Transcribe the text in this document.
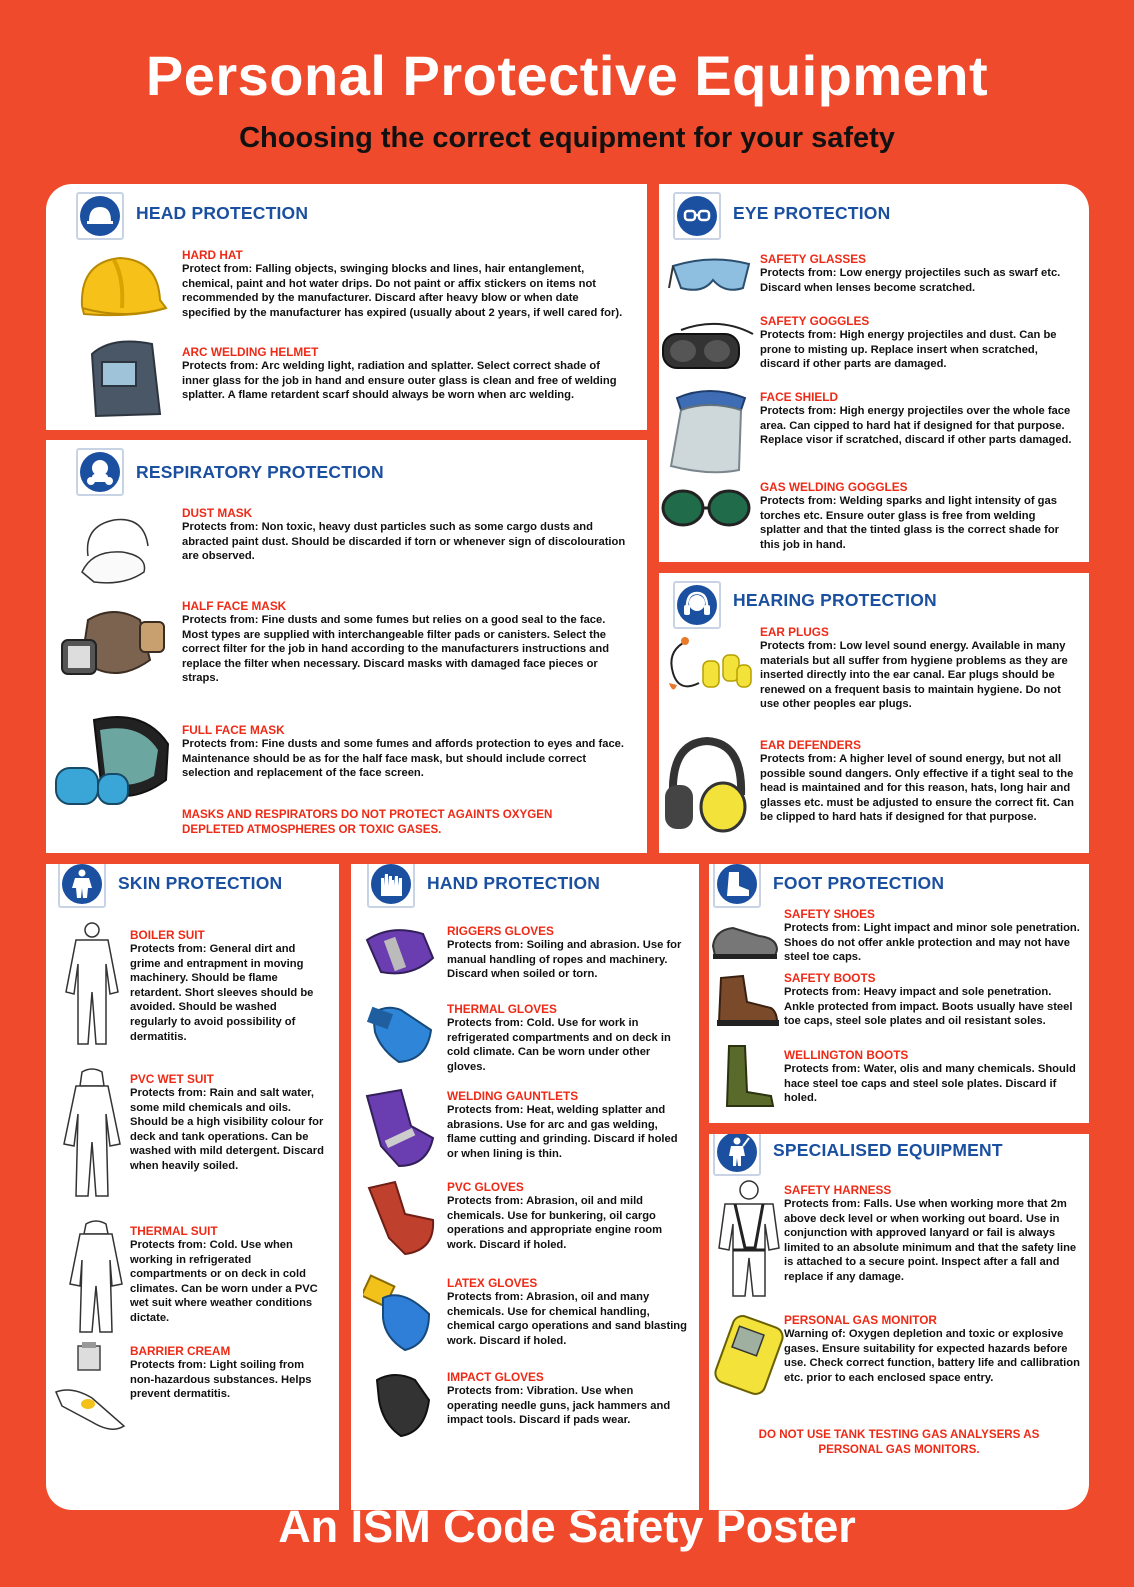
Personal Protective Equipment
Choosing the correct equipment for your safety
HEAD PROTECTION
HARD HAT
Protect from: Falling objects, swinging blocks and lines, hair entanglement, chemical, paint and hot water drips. Do not paint or affix stickers on items not recommended by the manufacturer. Discard after heavy blow or when date specified by the manufacturer has expired (usually about 2 years, if well cared for).
ARC WELDING HELMET
Protects from: Arc welding light, radiation and splatter. Select correct shade of inner glass for the job in hand and ensure outer glass is clean and free of welding splatter. A flame retardent scarf should always be worn when arc welding.
RESPIRATORY PROTECTION
DUST MASK
Protects from: Non toxic, heavy dust particles such as some cargo dusts and abracted paint dust. Should be discarded if torn or whenever sign of discolouration are observed.
HALF FACE MASK
Protects from: Fine dusts and some fumes but relies on a good seal to the face. Most types are supplied with interchangeable filter pads or canisters. Select the correct filter for the job in hand according to the manufacturers instructions and replace the filter when necessary. Discard masks with damaged face pieces or straps.
FULL FACE MASK
Protects from: Fine dusts and some fumes and affords protection to eyes and face. Maintenance should be as for the half face mask, but should include correct selection and replacement of the face screen.
MASKS AND RESPIRATORS DO NOT PROTECT AGAINTS OXYGEN DEPLETED ATMOSPHERES OR TOXIC GASES.
EYE PROTECTION
SAFETY GLASSES
Protects from: Low energy projectiles such as swarf etc. Discard when lenses become scratched.
SAFETY GOGGLES
Protects from: High energy projectiles and dust. Can be prone to misting up. Replace insert when scratched, discard if other parts are damaged.
FACE SHIELD
Protects from: High energy projectiles over the whole face area. Can cipped to hard hat if designed for that purpose. Replace visor if scratched, discard if other parts damaged.
GAS WELDING GOGGLES
Protects from: Welding sparks and light intensity of gas torches etc. Ensure outer glass is free from welding splatter and that the tinted glass is the correct shade for this job in hand.
HEARING PROTECTION
EAR PLUGS
Protects from: Low level sound energy. Available in many materials but all suffer from hygiene problems as they are inserted directly into the ear canal. Ear plugs should be renewed on a frequent basis to maintain hygiene. Do not use other peoples ear plugs.
EAR DEFENDERS
Protects from: A higher level of sound energy, but not all possible sound dangers. Only effective if a tight seal to the head is maintained and for this reason, hats, long hair and glasses etc. must be adjusted to ensure the correct fit. Can be clipped to hard hats if designed for that purpose.
SKIN PROTECTION
BOILER SUIT
Protects from: General dirt and grime and entrapment in moving machinery. Should be flame retardent. Short sleeves should be avoided. Should be washed regularly to avoid possibility of dermatitis.
PVC WET SUIT
Protects from: Rain and salt water, some mild chemicals and oils. Should be a high visibility colour for deck and tank operations. Can be washed with mild detergent. Discard when heavily soiled.
THERMAL SUIT
Protects from: Cold. Use when working in refrigerated compartments or on deck in cold climates. Can be worn under a PVC wet suit where weather conditions dictate.
BARRIER CREAM
Protects from: Light soiling from non-hazardous substances. Helps prevent dermatitis.
HAND PROTECTION
RIGGERS GLOVES
Protects from: Soiling and abrasion. Use for manual handling of ropes and machinery. Discard when soiled or torn.
THERMAL GLOVES
Protects from: Cold. Use for work in refrigerated compartments and on deck in cold climate. Can be worn under other gloves.
WELDING GAUNTLETS
Protects from: Heat, welding splatter and abrasions. Use for arc and gas welding, flame cutting and grinding. Discard if holed or when lining is thin.
PVC GLOVES
Protects from: Abrasion, oil and mild chemicals. Use for bunkering, oil cargo operations and appropriate engine room work. Discard if holed.
LATEX GLOVES
Protects from: Abrasion, oil and many chemicals. Use for chemical handling, chemical cargo operations and sand blasting work. Discard if holed.
IMPACT GLOVES
Protects from: Vibration. Use when operating needle guns, jack hammers and impact tools. Discard if pads wear.
FOOT PROTECTION
SAFETY SHOES
Protects from: Light impact and minor sole penetration. Shoes do not offer ankle protection and may not have steel toe caps.
SAFETY BOOTS
Protects from: Heavy impact and sole penetration. Ankle protected from impact. Boots usually have steel toe caps, steel sole plates and oil resistant soles.
WELLINGTON BOOTS
Protects from: Water, olis and many chemicals. Should hace steel toe caps and steel sole plates. Discard if holed.
SPECIALISED EQUIPMENT
SAFETY HARNESS
Protects from: Falls. Use when working more that 2m above deck level or when working out board. Use in conjunction with approved lanyard or fail is always limited to an absolute minimum and that the safety line is attached to a secure point. Inspect after a fall and replace if any damage.
PERSONAL GAS MONITOR
Warning of: Oxygen depletion and toxic or explosive gases. Ensure suitability for expected hazards before use. Check correct function, battery life and callibration etc. prior to each enclosed space entry.
DO NOT USE TANK TESTING GAS ANALYSERS AS PERSONAL GAS MONITORS.
An ISM Code Safety Poster
